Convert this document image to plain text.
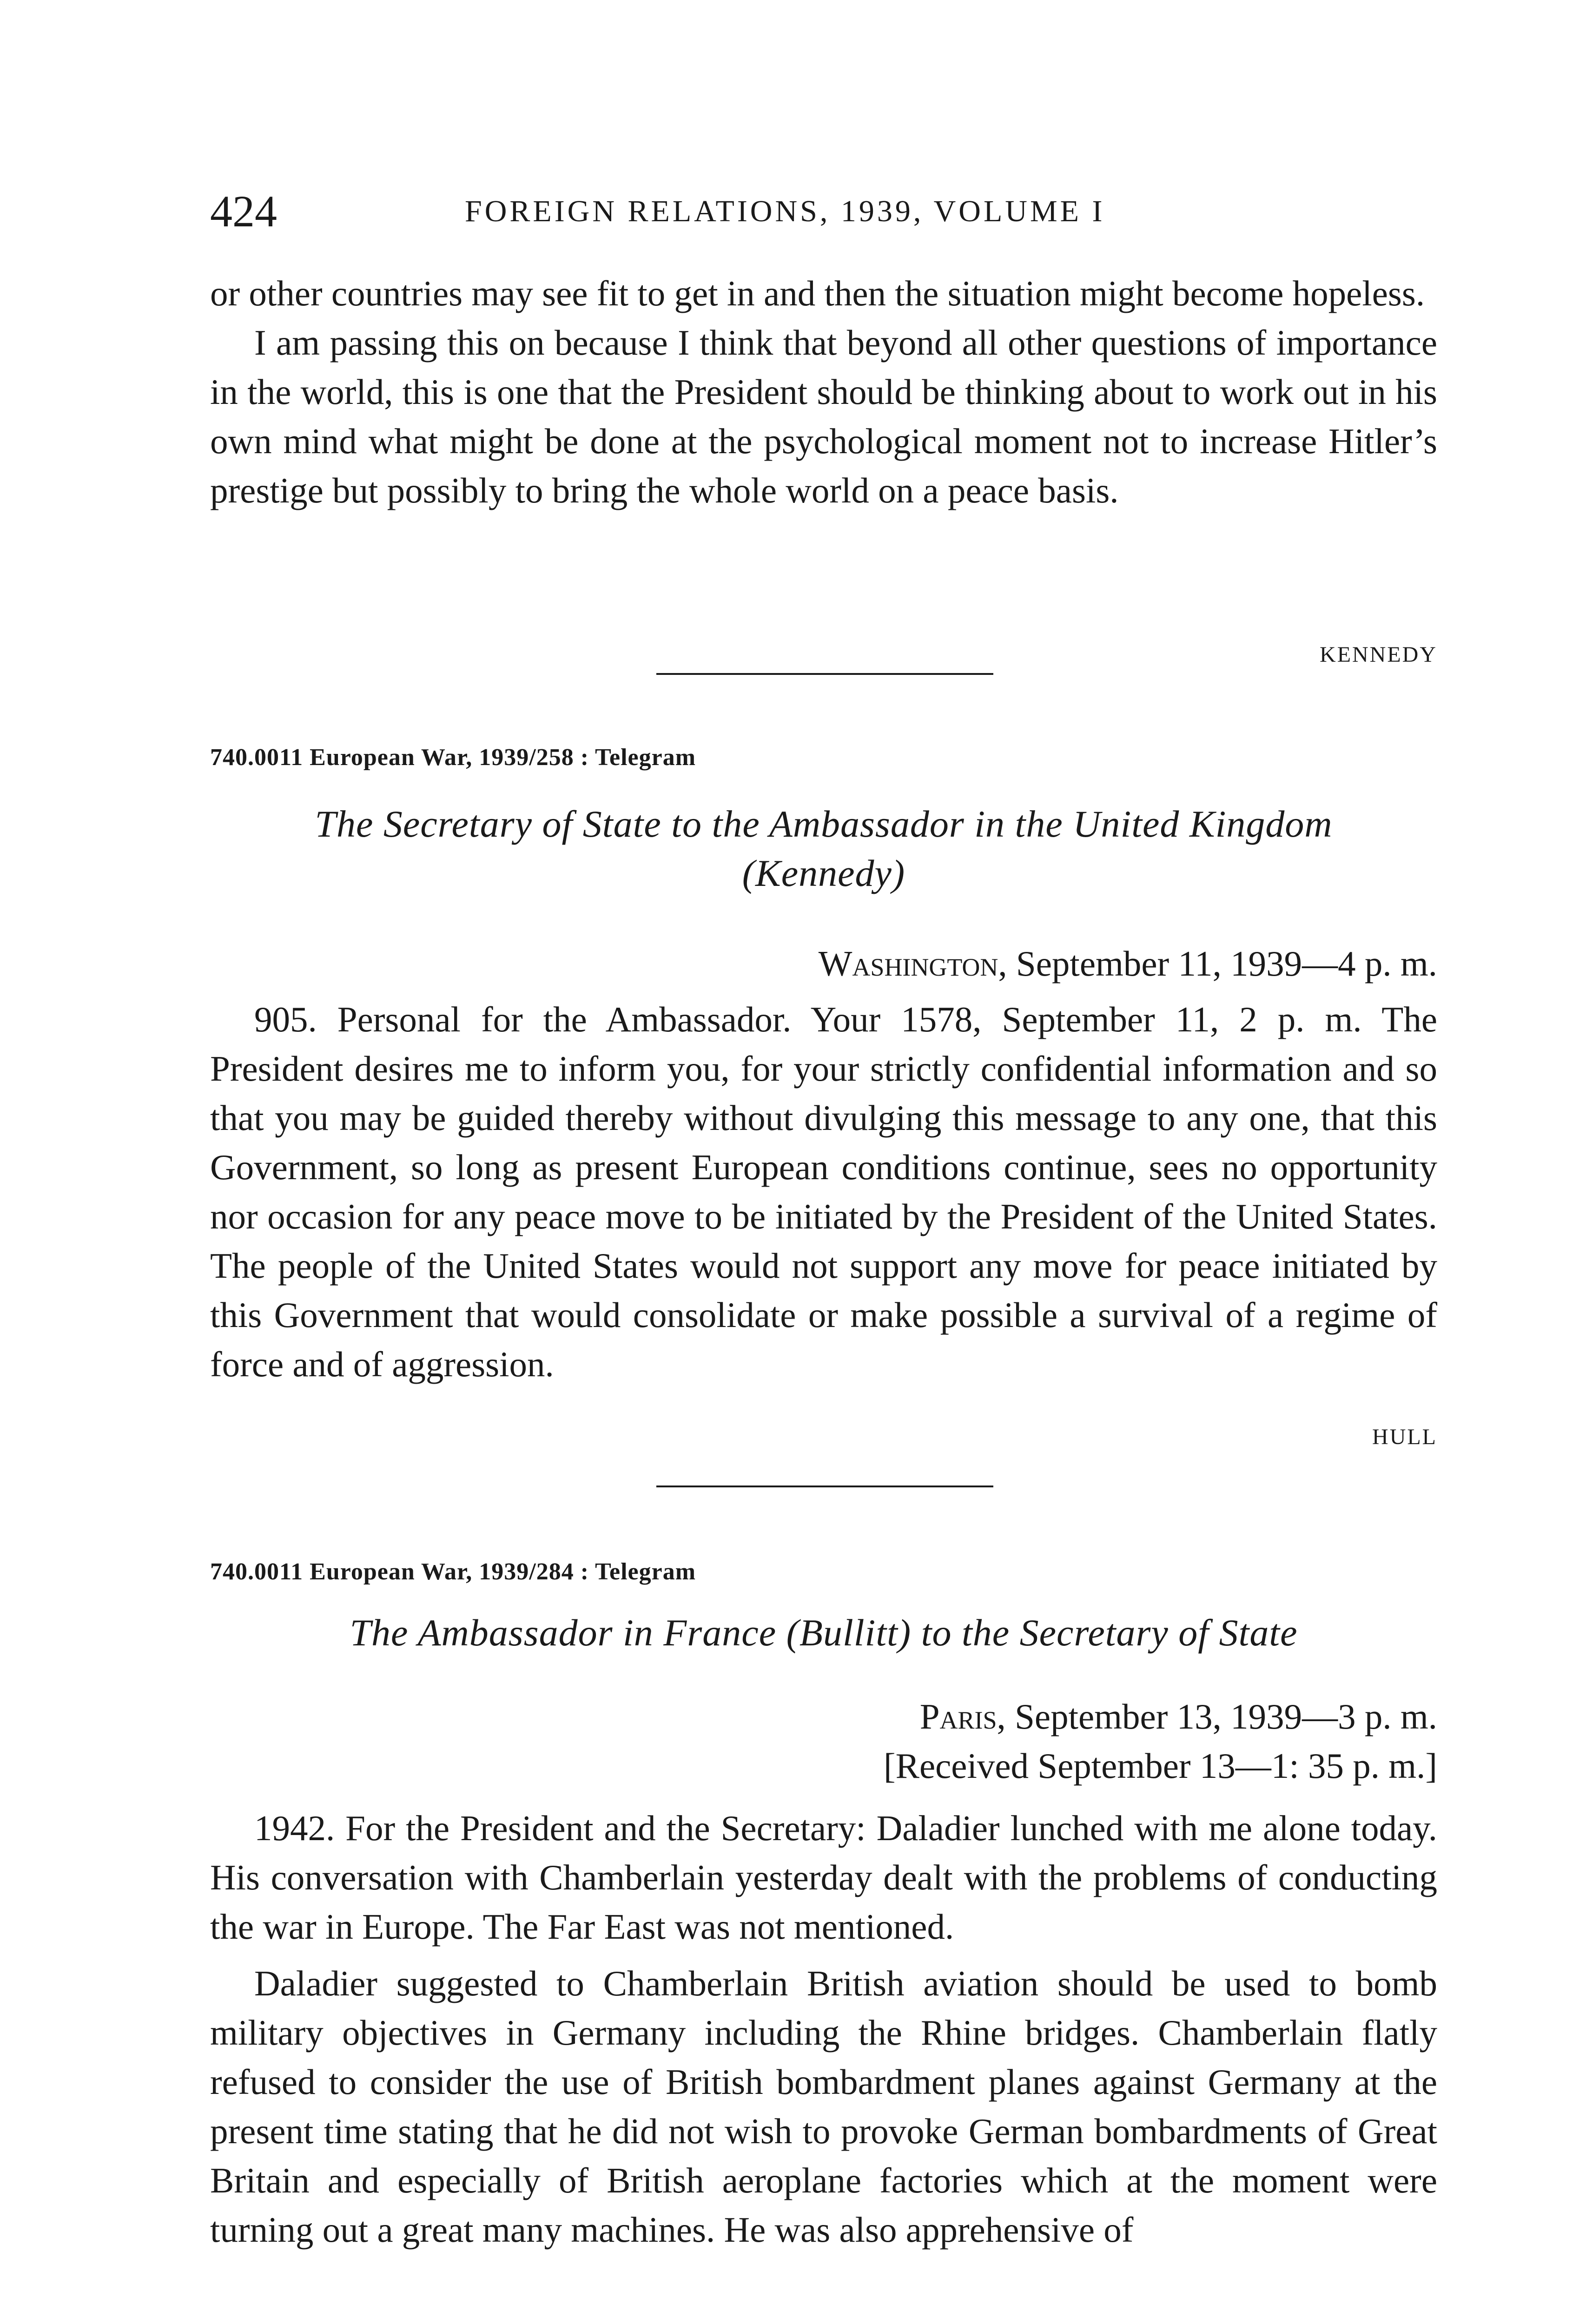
424	FOREIGN RELATIONS, 1939, VOLUME I

or other countries may see fit to get in and then the situation might become hopeless.

I am passing this on because I think that beyond all other questions of importance in the world, this is one that the President should be thinking about to work out in his own mind what might be done at the psychological moment not to increase Hitler’s prestige but possibly to bring the whole world on a peace basis.

kennedy
740.0011 European War, 1939/258 : Telegram
The Secretary of State to the Ambassador in the United Kingdom
(Kennedy)
Washington, September 11, 1939—4 p. m.

905. Personal for the Ambassador. Your 1578, September 11, 2 p. m. The President desires me to inform you, for your strictly confidential information and so that you may be guided thereby without divulging this message to any one, that this Government, so long as present European conditions continue, sees no opportunity nor occasion for any peace move to be initiated by the President of the United States. The people of the United States would not support any move for peace initiated by this Government that would consolidate or make possible a survival of a regime of force and of aggression.

hull
740.0011 European War, 1939/284 : Telegram
The Ambassador in France (Bullitt) to the Secretary of State
Paris, September 13, 1939—3 p. m.
[Received September 13—1: 35 p. m.]

1942. For the President and the Secretary: Daladier lunched with me alone today. His conversation with Chamberlain yesterday dealt with the problems of conducting the war in Europe. The Far East was not mentioned.

Daladier suggested to Chamberlain British aviation should be used to bomb military objectives in Germany including the Rhine bridges. Chamberlain flatly refused to consider the use of British bombardment planes against Germany at the present time stating that he did not wish to provoke German bombardments of Great Britain and especially of British aeroplane factories which at the moment were turning out a great many machines. He was also apprehensive of
